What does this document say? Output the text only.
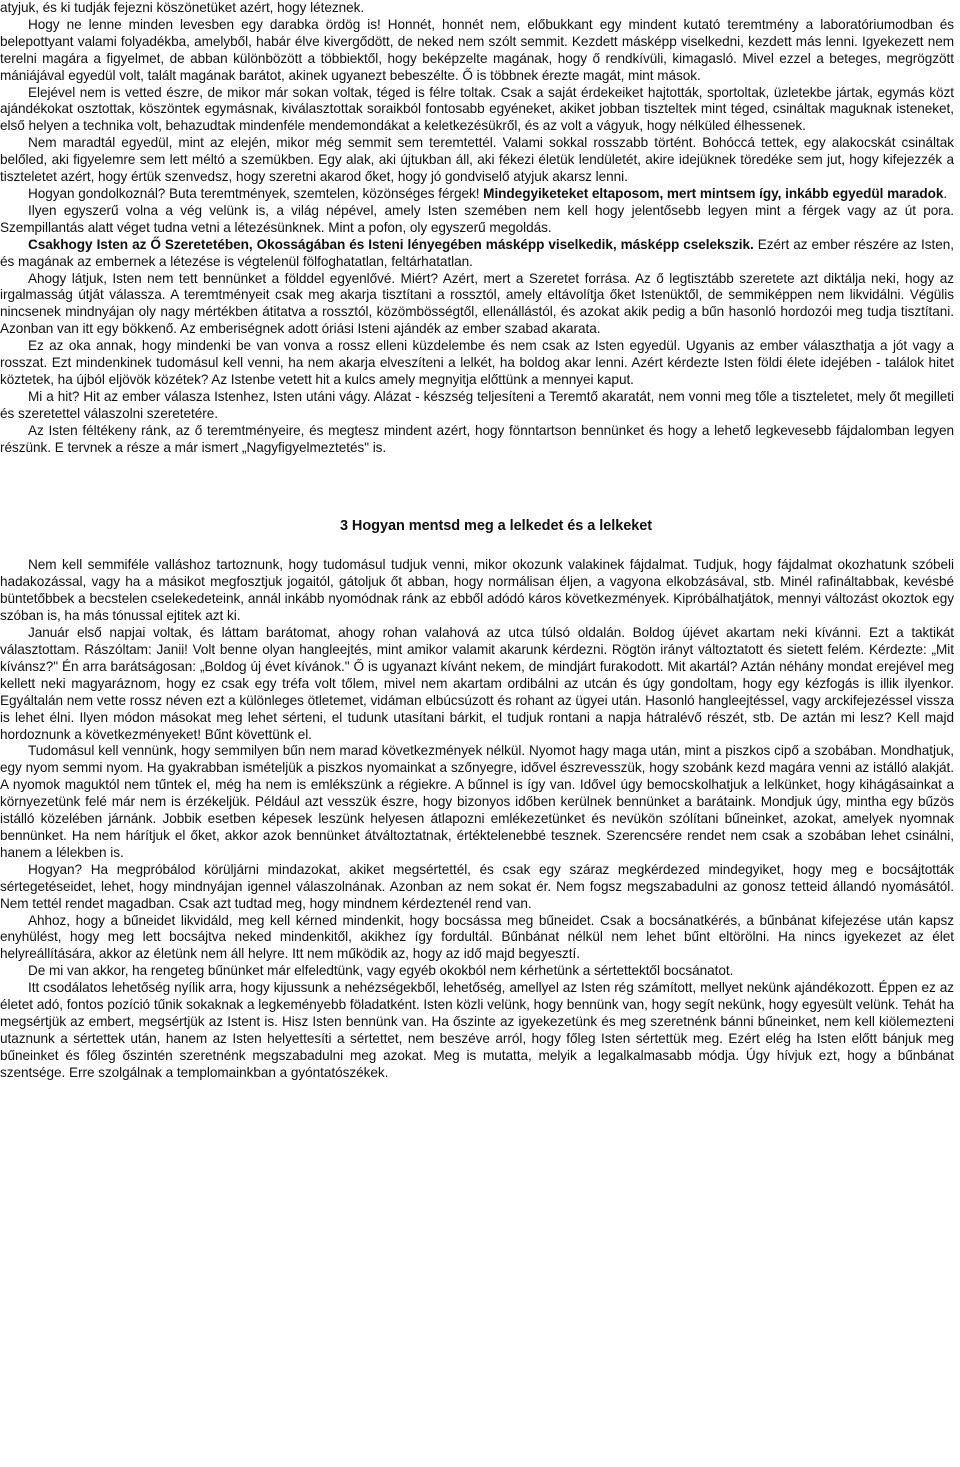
atyjuk, és ki tudják fejezni köszönetüket azért, hogy léteznek.

Hogy ne lenne minden levesben egy darabka ördög is! Honnét, honnét nem, előbukkant egy mindent kutató teremtmény a laboratóriumodban és belepottyant valami folyadékba, amelyből, habár élve kivergődött, de neked nem szólt semmit. Kezdett másképp viselkedni, kezdett más lenni. Igyekezett nem terelni magára a figyelmet, de abban különbözött a többiektől, hogy beképzelte magának, hogy ő rendkívüli, kimagasló. Mivel ezzel a beteges, megrögzött mániájával egyedül volt, talált magának barátot, akinek ugyanezt bebeszélte. Ő is többnek érezte magát, mint mások.

Elejével nem is vetted észre, de mikor már sokan voltak, téged is félre toltak. Csak a saját érdekeiket hajtották, sportoltak, üzletekbe jártak, egymás közt ajándékokat osztottak, köszöntek egymásnak, kiválasztottak soraikból fontosabb egyéneket, akiket jobban tiszteltek mint téged, csináltak maguknak isteneket, első helyen a technika volt, behazudtak mindenféle mendemondákat a keletkezésükről, és az volt a vágyuk, hogy nélküled élhessenek.

Nem maradtál egyedül, mint az elején, mikor még semmit sem teremtettél. Valami sokkal rosszabb történt. Bohóccá tettek, egy alakocskát csináltak belőled, aki figyelemre sem lett méltó a szemükben. Egy alak, aki újtukban áll, aki fékezi életük lendületét, akire idejüknek töredéke sem jut, hogy kifejezzék a tiszteletet azért, hogy értük szenvedsz, hogy szeretni akarod őket, hogy jó gondviselő atyjuk akarsz lenni.

Hogyan gondolkoznál? Buta teremtmények, szemtelen, közönséges férgek! Mindegyiketeket eltaposom, mert mintsem így, inkább egyedül maradok.

Ilyen egyszerű volna a vég velünk is, a világ népével, amely Isten szemében nem kell hogy jelentősebb legyen mint a férgek vagy az út pora. Szempillantás alatt véget tudna vetni a létezésünknek. Mint a pofon, oly egyszerű megoldás.

Csakhogy Isten az Ő Szeretetében, Okosságában és Isteni lényegében másképp viselkedik, másképp cselekszik. Ezért az ember részére az Isten, és magának az embernek a létezése is végtelenül fölfoghatatlan, feltárhatatlan.

Ahogy látjuk, Isten nem tett bennünket a földdel egyenlővé. Miért? Azért, mert a Szeretet forrása. Az ő legtisztább szeretete azt diktálja neki, hogy az irgalmasság útját válassza. A teremtményeit csak meg akarja tisztítani a rossztól, amely eltávolítja őket Istenüktől, de semmiképpen nem likvidálni. Végülis nincsenek mindnyájan oly nagy mértékben átitatva a rossztól, közömbösségtől, ellenállástól, és azokat akik pedig a bűn hasonló hordozói meg tudja tisztítani. Azonban van itt egy bökkenő. Az emberiségnek adott óriási Isteni ajándék az ember szabad akarata.

Ez az oka annak, hogy mindenki be van vonva a rossz elleni küzdelembe és nem csak az Isten egyedül. Ugyanis az ember választhatja a jót vagy a rosszat. Ezt mindenkinek tudomásul kell venni, ha nem akarja elveszíteni a lelkét, ha boldog akar lenni. Azért kérdezte Isten földi élete idejében - találok hitet köztetek, ha újból eljövök közétek? Az Istenbe vetett hit a kulcs amely megnyitja előttünk a mennyei kaput.

Mi a hit? Hit az ember válasza Istenhez, Isten utáni vágy. Alázat - készség teljesíteni a Teremtő akaratát, nem vonni meg tőle a tiszteletet, mely őt megilleti és szeretettel válaszolni szeretetére.

Az Isten féltékeny ránk, az ő teremtményeire, és megtesz mindent azért, hogy fönntartson bennünket és hogy a lehető legkevesebb fájdalomban legyen részünk. E tervnek a része a már ismert „Nagyfigyelmeztetés" is.

3 Hogyan mentsd meg a lelkedet és a lelkeket

Nem kell semmiféle valláshoz tartoznunk, hogy tudomásul tudjuk venni, mikor okozunk valakinek fájdalmat. Tudjuk, hogy fájdalmat okozhatunk szóbeli hadakozással, vagy ha a másikot megfosztjuk jogaitól, gátoljuk őt abban, hogy normálisan éljen, a vagyona elkobzásával, stb. Minél rafináltabbak, kevésbé büntetőbbek a becstelen cselekedeteink, annál inkább nyomódnak ránk az ebből adódó káros következmények. Kipróbálhatjátok, mennyi változást okoztok egy szóban is, ha más tónussal ejtitek azt ki.

Január első napjai voltak, és láttam barátomat, ahogy rohan valahová az utca túlsó oldalán. Boldog újévet akartam neki kívánni. Ezt a taktikát választottam. Rászóltam: Janii! Volt benne olyan hangleejtés, mint amikor valamit akarunk kérdezni. Rögtön irányt változtatott és sietett felém. Kérdezte: „Mit kívánsz?" Én arra barátságosan: „Boldog új évet kívánok." Ő is ugyanazt kívánt nekem, de mindjárt furakodott. Mit akartál? Aztán néhány mondat erejével meg kellett neki magyaráznom, hogy ez csak egy tréfa volt tőlem, mivel nem akartam ordibálni az utcán és úgy gondoltam, hogy egy kézfogás is illik ilyenkor. Egyáltalán nem vette rossz néven ezt a különleges ötletemet, vidáman elbúcsúzott és rohant az ügyei után. Hasonló hangleejtéssel, vagy arckifejezéssel vissza is lehet élni. Ilyen módon másokat meg lehet sérteni, el tudunk utasítani bárkit, el tudjuk rontani a napja hátralévő részét, stb. De aztán mi lesz? Kell majd hordoznunk a következményeket! Bűnt követtünk el.

Tudomásul kell vennünk, hogy semmilyen bűn nem marad következmények nélkül. Nyomot hagy maga után, mint a piszkos cipő a szobában. Mondhatjuk, egy nyom semmi nyom. Ha gyakrabban ismételjük a piszkos nyomainkat a szőnyegre, idővel észrevesszük, hogy szobánk kezd magára venni az istálló alakját. A nyomok maguktól nem tűntek el, még ha nem is emlékszünk a régiekre. A bűnnel is így van. Idővel úgy bemocskolhatjuk a lelkünket, hogy kihágásainkat a környezetünk felé már nem is érzékeljük. Például azt vesszük észre, hogy bizonyos időben kerülnek bennünket a barátaink. Mondjuk úgy, mintha egy bűzös istálló közelében járnánk. Jobbik esetben képesek leszünk helyesen átlapozni emlékezetünket és nevükön szólítani bűneinket, azokat, amelyek nyomnak bennünket. Ha nem hárítjuk el őket, akkor azok bennünket átváltoztatnak, értéktelenebbé tesznek. Szerencsére rendet nem csak a szobában lehet csinálni, hanem a lélekben is.

Hogyan? Ha megpróbálod körüljárni mindazokat, akiket megsértettél, és csak egy száraz megkérdezed mindegyiket, hogy meg e bocsájtották sértegetéseidet, lehet, hogy mindnyájan igennel válaszolnának. Azonban az nem sokat ér. Nem fogsz megszabadulni az gonosz tetteid állandó nyomásától. Nem tettél rendet magadban. Csak azt tudtad meg, hogy mindnem kérdeztenél rend van.

Ahhoz, hogy a bűneidet likvidáld, meg kell kérned mindenkit, hogy bocsássa meg bűneidet. Csak a bocsánatkérés, a bűnbánat kifejezése után kapsz enyhülést, hogy meg lett bocsájtva neked mindenkitől, akikhez így fordultál. Bűnbánat nélkül nem lehet bűnt eltörölni. Ha nincs igyekezet az élet helyreállítására, akkor az életünk nem áll helyre. Itt nem működik az, hogy az idő majd begyesztí.

De mi van akkor, ha rengeteg bűnünket már elfeledtünk, vagy egyéb okokból nem kérhetünk a sértettektől bocsánatot.

Itt csodálatos lehetőség nyílik arra, hogy kijussunk a nehézségekből, lehetőség, amellyel az Isten rég számított, mellyet nekünk ajándékozott. Éppen ez az életet adó, fontos pozíció tűnik sokaknak a legkeményebb föladatként. Isten közli velünk, hogy bennünk van, hogy segít nekünk, hogy egyesült velünk. Tehát ha megsértjük az embert, megsértjük az Istent is. Hisz Isten bennünk van. Ha őszinte az igyekezetünk és meg szeretnénk bánni bűneinket, nem kell kiölemezteni utaznunk a sértettek után, hanem az Isten helyettesíti a sértettet, nem beszéve arról, hogy főleg Isten sértettük meg. Ezért elég ha Isten előtt bánjuk meg bűneinket és főleg őszintén szeretnénk megszabadulni meg azokat. Meg is mutatta, melyik a legalkalmasabb módja. Úgy hívjuk ezt, hogy a bűnbánat szentsége. Erre szolgálnak a templomainkban a gyóntatószékek.
